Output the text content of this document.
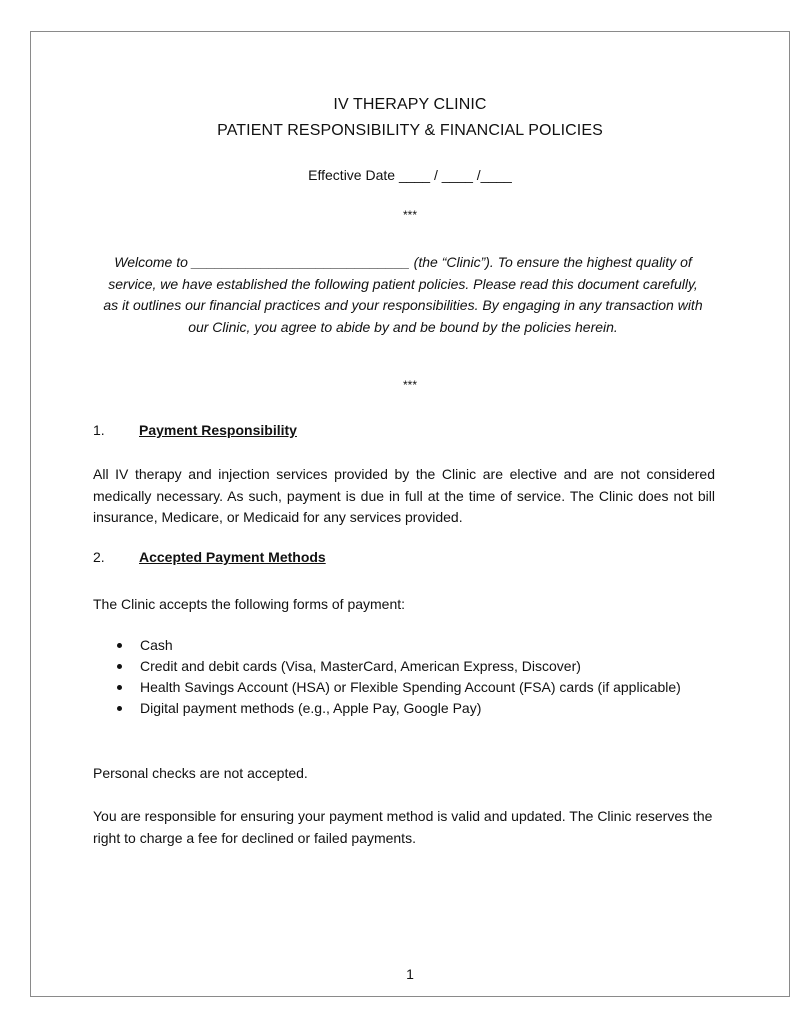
IV THERAPY CLINIC
PATIENT RESPONSIBILITY & FINANCIAL POLICIES
Effective Date ____ / ____ /____
***
Welcome to ____________________________ (the “Clinic”). To ensure the highest quality of service, we have established the following patient policies. Please read this document carefully, as it outlines our financial practices and your responsibilities. By engaging in any transaction with our Clinic, you agree to abide by and be bound by the policies herein.
***
1. Payment Responsibility
All IV therapy and injection services provided by the Clinic are elective and are not considered medically necessary. As such, payment is due in full at the time of service. The Clinic does not bill insurance, Medicare, or Medicaid for any services provided.
2. Accepted Payment Methods
The Clinic accepts the following forms of payment:
Cash
Credit and debit cards (Visa, MasterCard, American Express, Discover)
Health Savings Account (HSA) or Flexible Spending Account (FSA) cards (if applicable)
Digital payment methods (e.g., Apple Pay, Google Pay)
Personal checks are not accepted.
You are responsible for ensuring your payment method is valid and updated. The Clinic reserves the right to charge a fee for declined or failed payments.
1
